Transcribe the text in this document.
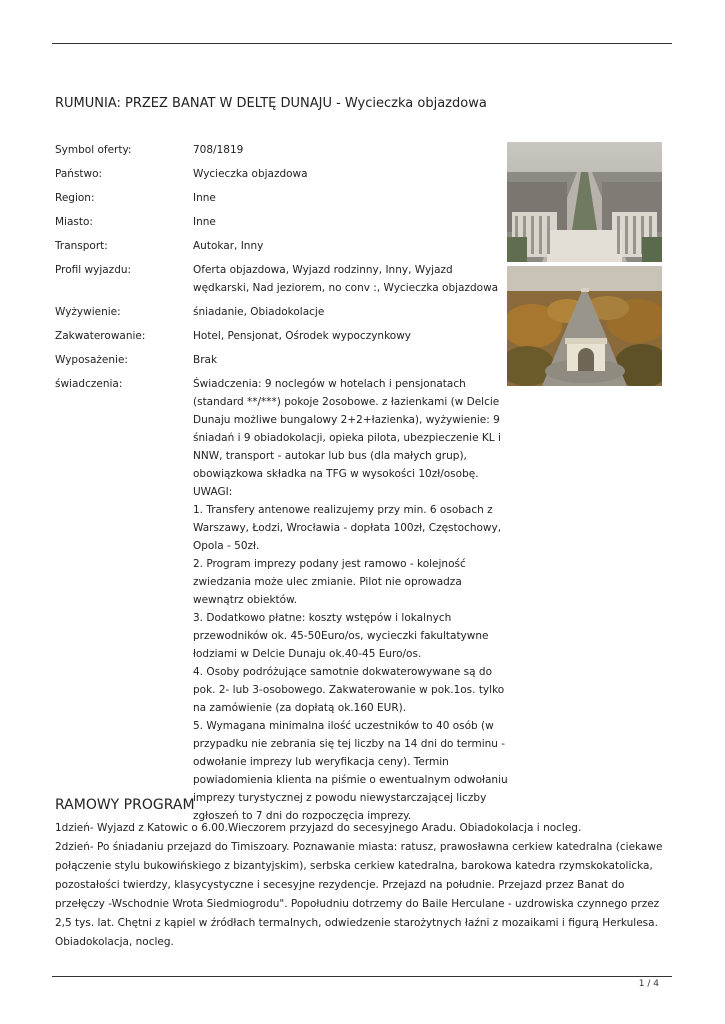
RUMUNIA: PRZEZ BANAT W DELTĘ DUNAJU - Wycieczka objazdowa
Symbol oferty:	708/1819
Państwo:	Wycieczka objazdowa
Region:	Inne
Miasto:	Inne
Transport:	Autokar, Inny
Profil wyjazdu:	Oferta objazdowa, Wyjazd rodzinny, Inny, Wyjazd wędkarski, Nad jeziorem, no conv :, Wycieczka objazdowa
Wyżywienie:	śniadanie, Obiadokolacje
Zakwaterowanie:	Hotel, Pensjonat, Ośrodek wypoczynkowy
Wyposażenie:	Brak
świadczenia:	Świadczenia: 9 noclegów w hotelach i pensjonatach (standard **/***) pokoje 2osobowe. z łazienkami (w Delcie Dunaju możliwe bungalowy 2+2+łazienka), wyżywienie: 9 śniadań i 9 obiadokolacji, opieka pilota, ubezpieczenie KL i NNW, transport - autokar lub bus (dla małych grup), obowiązkowa składka na TFG w wysokości 10zł/osobę.
UWAGI:
1. Transfery antenowe realizujemy przy min. 6 osobach z Warszawy, Łodzi, Wrocławia - dopłata 100zł, Częstochowy, Opola - 50zł.
2. Program imprezy podany jest ramowo - kolejność zwiedzania może ulec zmianie. Pilot nie oprowadza wewnątrz obiektów.
3. Dodatkowo płatne: koszty wstępów i lokalnych przewodników ok. 45-50Euro/os, wycieczki fakultatywne łodziami w Delcie Dunaju ok.40-45 Euro/os.
4. Osoby podróżujące samotnie dokwaterowywane są do pok. 2- lub 3-osobowego. Zakwaterowanie w pok.1os. tylko na zamówienie (za dopłatą ok.160 EUR).
5. Wymagana minimalna ilość uczestników to 40 osób (w przypadku nie zebrania się tej liczby na 14 dni do terminu - odwołanie imprezy lub weryfikacja ceny). Termin powiadomienia klienta na piśmie o ewentualnym odwołaniu imprezy turystycznej z powodu niewystarczającej liczby zgłoszeń to 7 dni do rozpoczęcia imprezy.
RAMOWY PROGRAM

1dzień- Wyjazd z Katowic o 6.00.Wieczorem przyjazd do secesyjnego Aradu. Obiadokolacja i nocleg.

2dzień- Po śniadaniu przejazd do Timiszoary. Poznawanie miasta: ratusz, prawosławna cerkiew katedralna (ciekawe połączenie stylu bukowińskiego z bizantyjskim), serbska cerkiew katedralna, barokowa katedra rzymskokatolicka, pozostałości twierdzy, klasycystyczne i secesyjne rezydencje. Przejazd na południe. Przejazd przez Banat do przełęczy -Wschodnie Wrota Siedmiogrodu". Popołudniu dotrzemy do Baile Herculane - uzdrowiska czynnego przez 2,5 tys. lat. Chętni z kąpiel w źródłach termalnych, odwiedzenie starożytnych łaźni z mozaikami i figurą Herkulesa. Obiadokolacja, nocleg.

1 / 4
